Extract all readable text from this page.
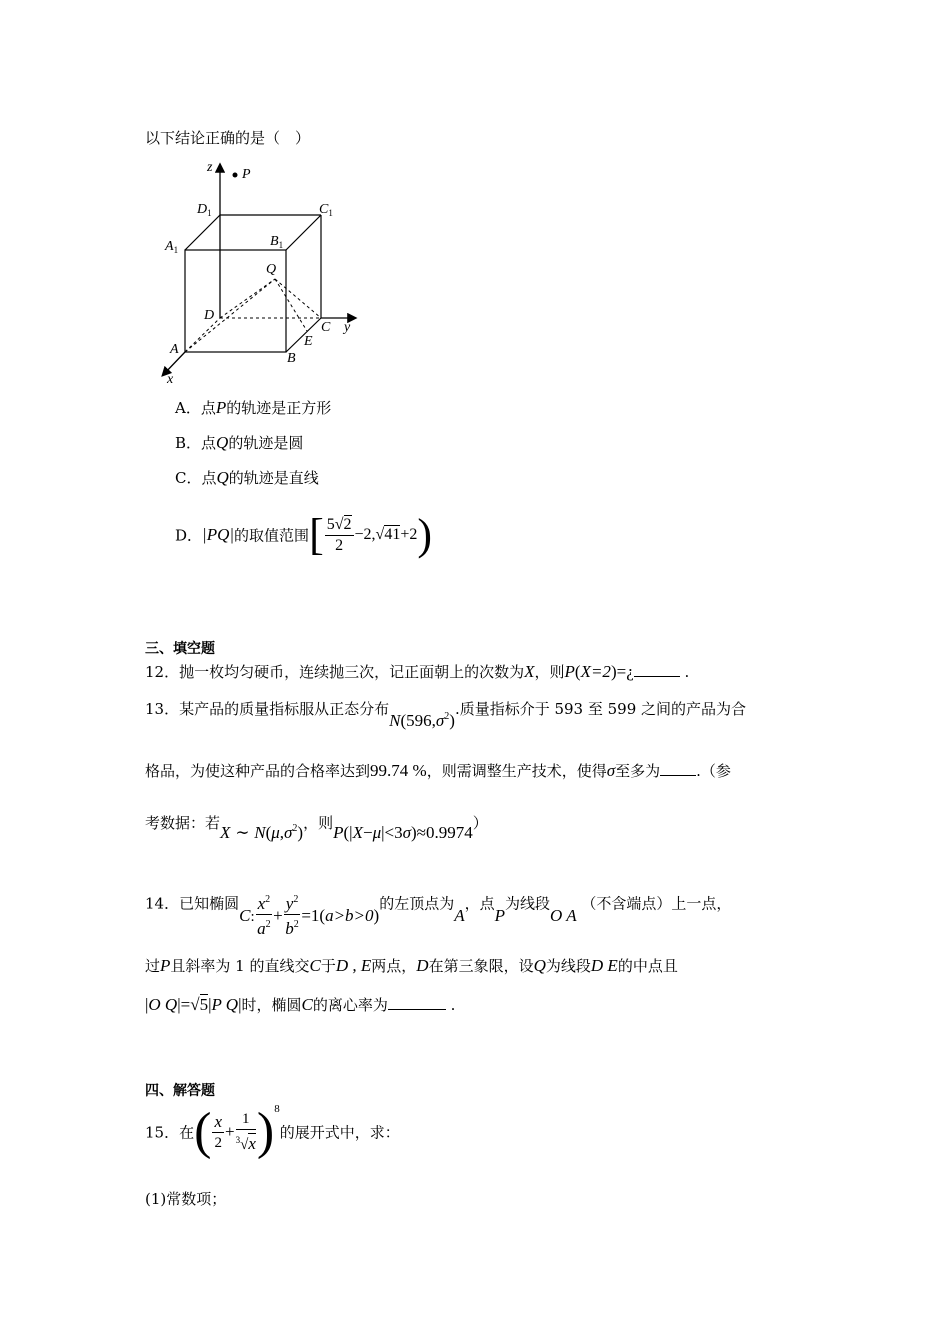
以下结论正确的是（　）
z P
$D_1$	$C_1$
$A_1$
$B_1$
Q
D
C y
A
E
B
x
A．点P的轨迹是正方形
B．点Q的轨迹是圆
C．点Q的轨迹是直线
D．|PQ|的取值范围[ $\frac{5√2}{2} -2,√41+2$)
三、填空题
12．抛一枚均匀硬币，连续抛三次，记正面朝上的次数为X，则P(X=2)=¿	.
13．某产品的质量指标服从正态分布$N(596,\sigma^2)$.质量指标介于 593 至 599 之间的产品为合
格品，为使这种产品的合格率达到99.74 %，则需调整生产技术，使得σ至多为 .（参
考数据：若X ∼ $N(\mu,\sigma^2)$，则P(|X−μ|<3σ)≈0.9974）
14．已知椭圆C: $\frac{x^2}{a^2} + \frac{y^2}{b^2} =1(a>b>0)$的左顶点为A，点P为线段O A （不含端点）上一点，
过P且斜率为 1 的直线交C于D , E两点，D在第三象限，设Q为线段D E的中点且
|O Q|=√5|P Q|时，椭圆C的离心率为	.
四、解答题
15．在( $\frac{x}{2} + \frac{1}{^3√x} )^8$的展开式中，求：
(1)常数项；
